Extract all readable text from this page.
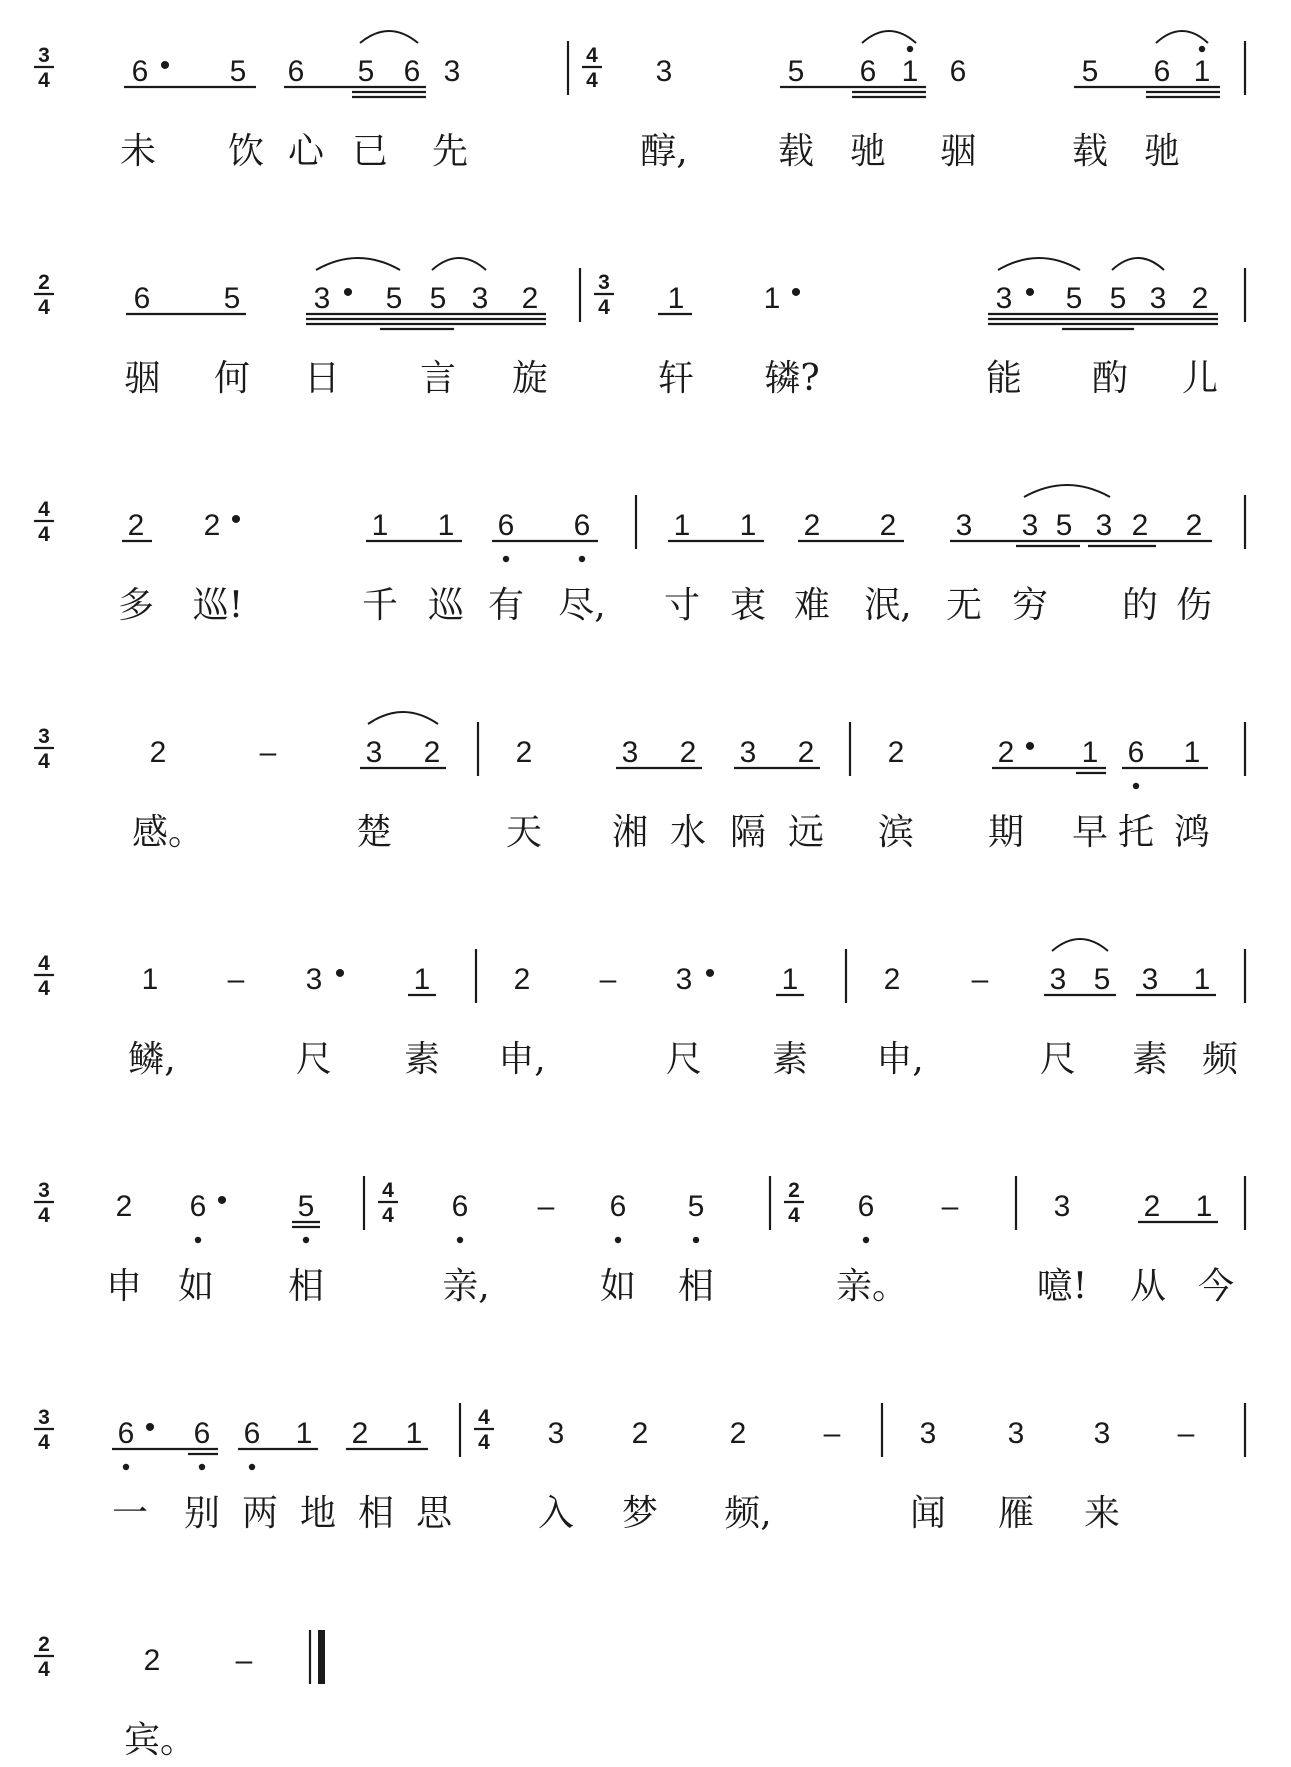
3
4	6 • 5 6 5 6 3	4
4 3	5 6 1 6	5 6 1
未 饮 心 已 先	醇,	载 驰 骃	载 驰
2
4	6 5 3 • 5 5 3 2	3
4 1	1 •	3 • 5 5 3 2
骃 何 日 言 旋	轩 辚?	能 酌 儿
4
4	2 2 •	1 1 6 6	1 1 2 2 3 3 5 3 2 2
多 巡!	千 巡 有 尽, 寸 衷 难 泯, 无 穷 的 伤
3
4	2	–	3 2	2	3 2 3 2 2	2 • 1 6 1
感。	楚	天 湘 水 隔 远 滨 期 早 托 鸿
4
4	1 – 3 • 1	2 – 3 • 1	2 – 3 5 3 1
鳞,	尺 素 申,	尺 素 申,	尺 素 频
3
4 2 6 • 5	4
4 6 – 6 5	2
4 6 –	3 2 1
申 如 相	亲,	如 相	亲。	噫! 从 今
3
4 6 • 6 6 1 2 1	4
4 3 2	2	–	3 3 3 –
一 别 两 地 相 思 入 梦 频,	闻 雁 来
2
4	2	–
宾。
